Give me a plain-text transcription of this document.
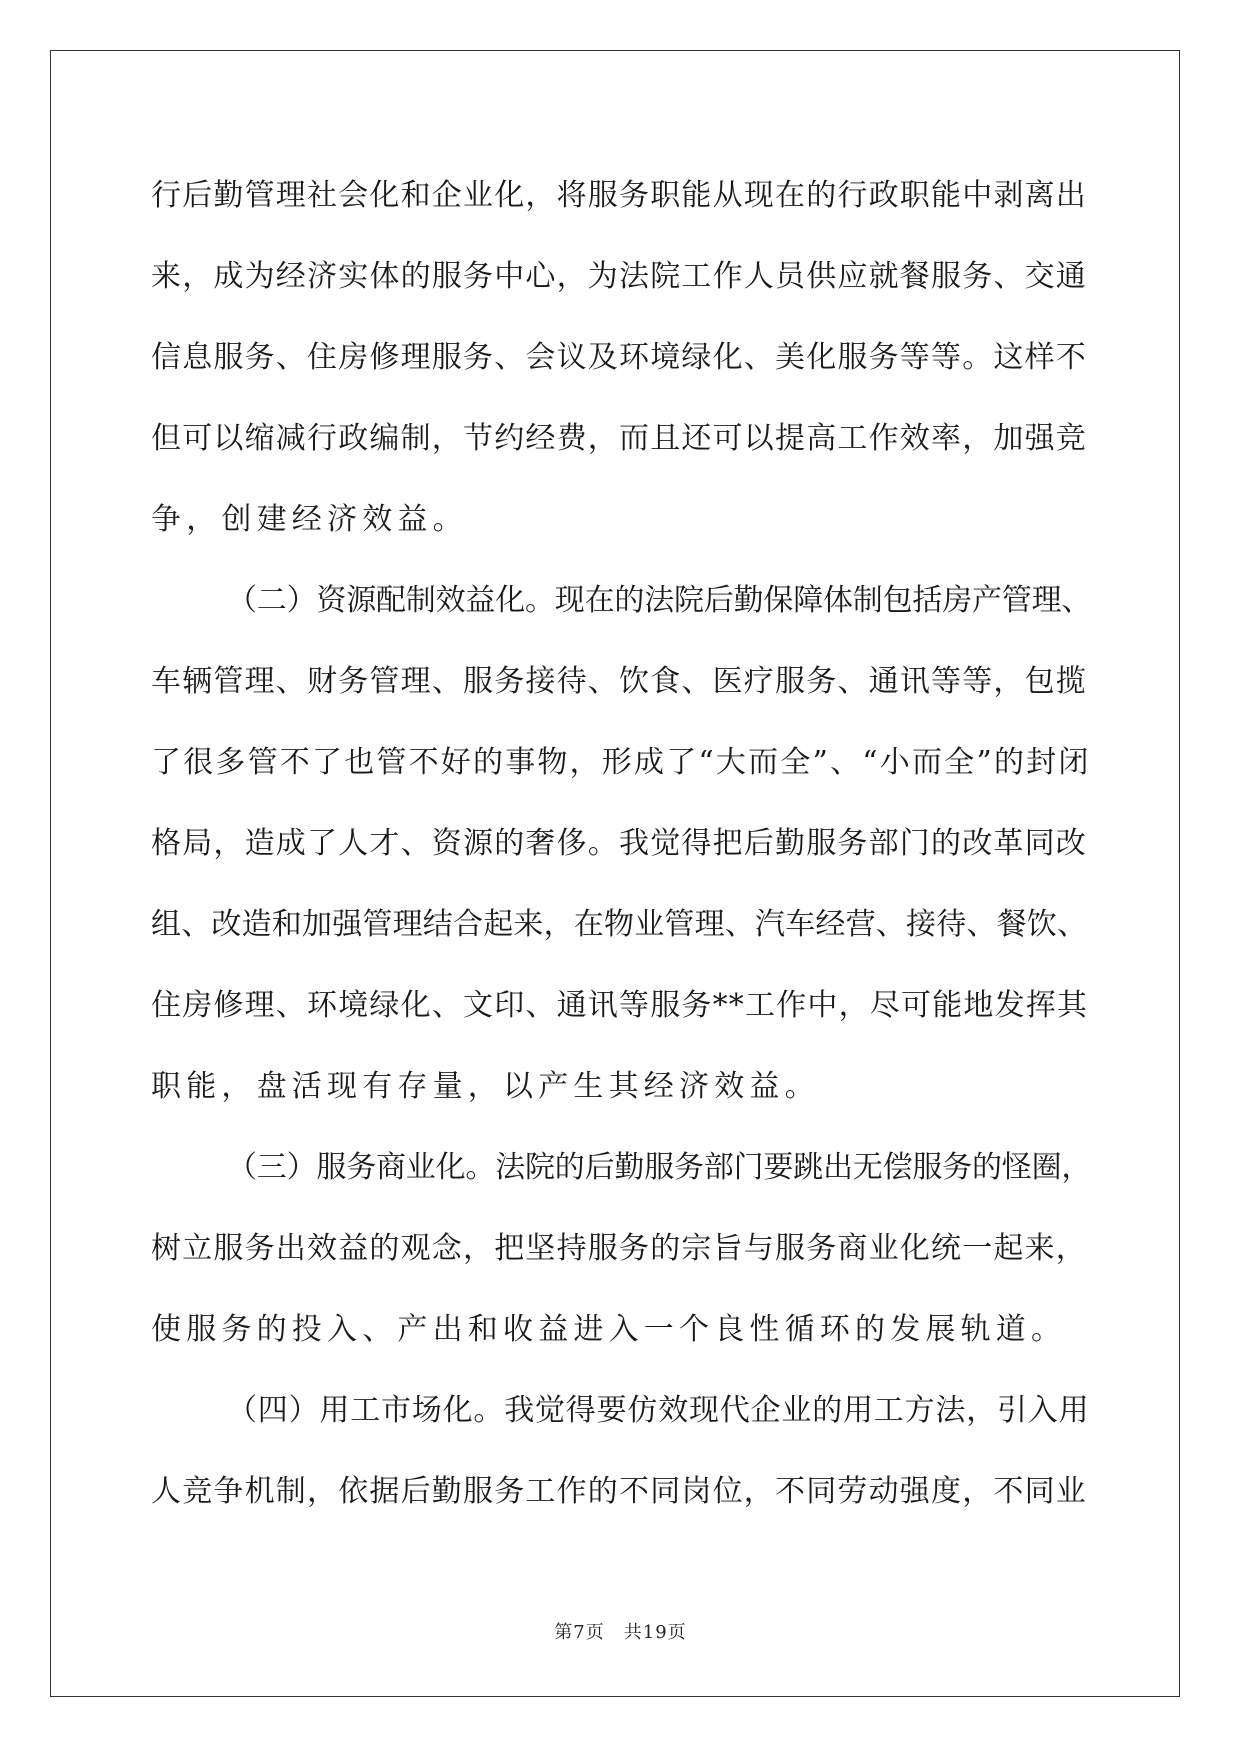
行后勤管理社会化和企业化，将服务职能从现在的行政职能中剥离出
来，成为经济实体的服务中心，为法院工作人员供应就餐服务、交通
信息服务、住房修理服务、会议及环境绿化、美化服务等等。这样不
但可以缩减行政编制，节约经费，而且还可以提高工作效率，加强竞
争，创建经济效益。
（二）资源配制效益化。现在的法院后勤保障体制包括房产管理、
车辆管理、财务管理、服务接待、饮食、医疗服务、通讯等等，包揽
了很多管不了也管不好的事物，形成了“大而全”、“小而全”的封闭
格局，造成了人才、资源的奢侈。我觉得把后勤服务部门的改革同改
组、改造和加强管理结合起来，在物业管理、汽车经营、接待、餐饮、
住房修理、环境绿化、文印、通讯等服务**工作中，尽可能地发挥其
职能，盘活现有存量，以产生其经济效益。
（三）服务商业化。法院的后勤服务部门要跳出无偿服务的怪圈，
树立服务出效益的观念，把坚持服务的宗旨与服务商业化统一起来，
使服务的投入、产出和收益进入一个良性循环的发展轨道。
（四）用工市场化。我觉得要仿效现代企业的用工方法，引入用
人竞争机制，依据后勤服务工作的不同岗位，不同劳动强度，不同业
第7页　共19页
